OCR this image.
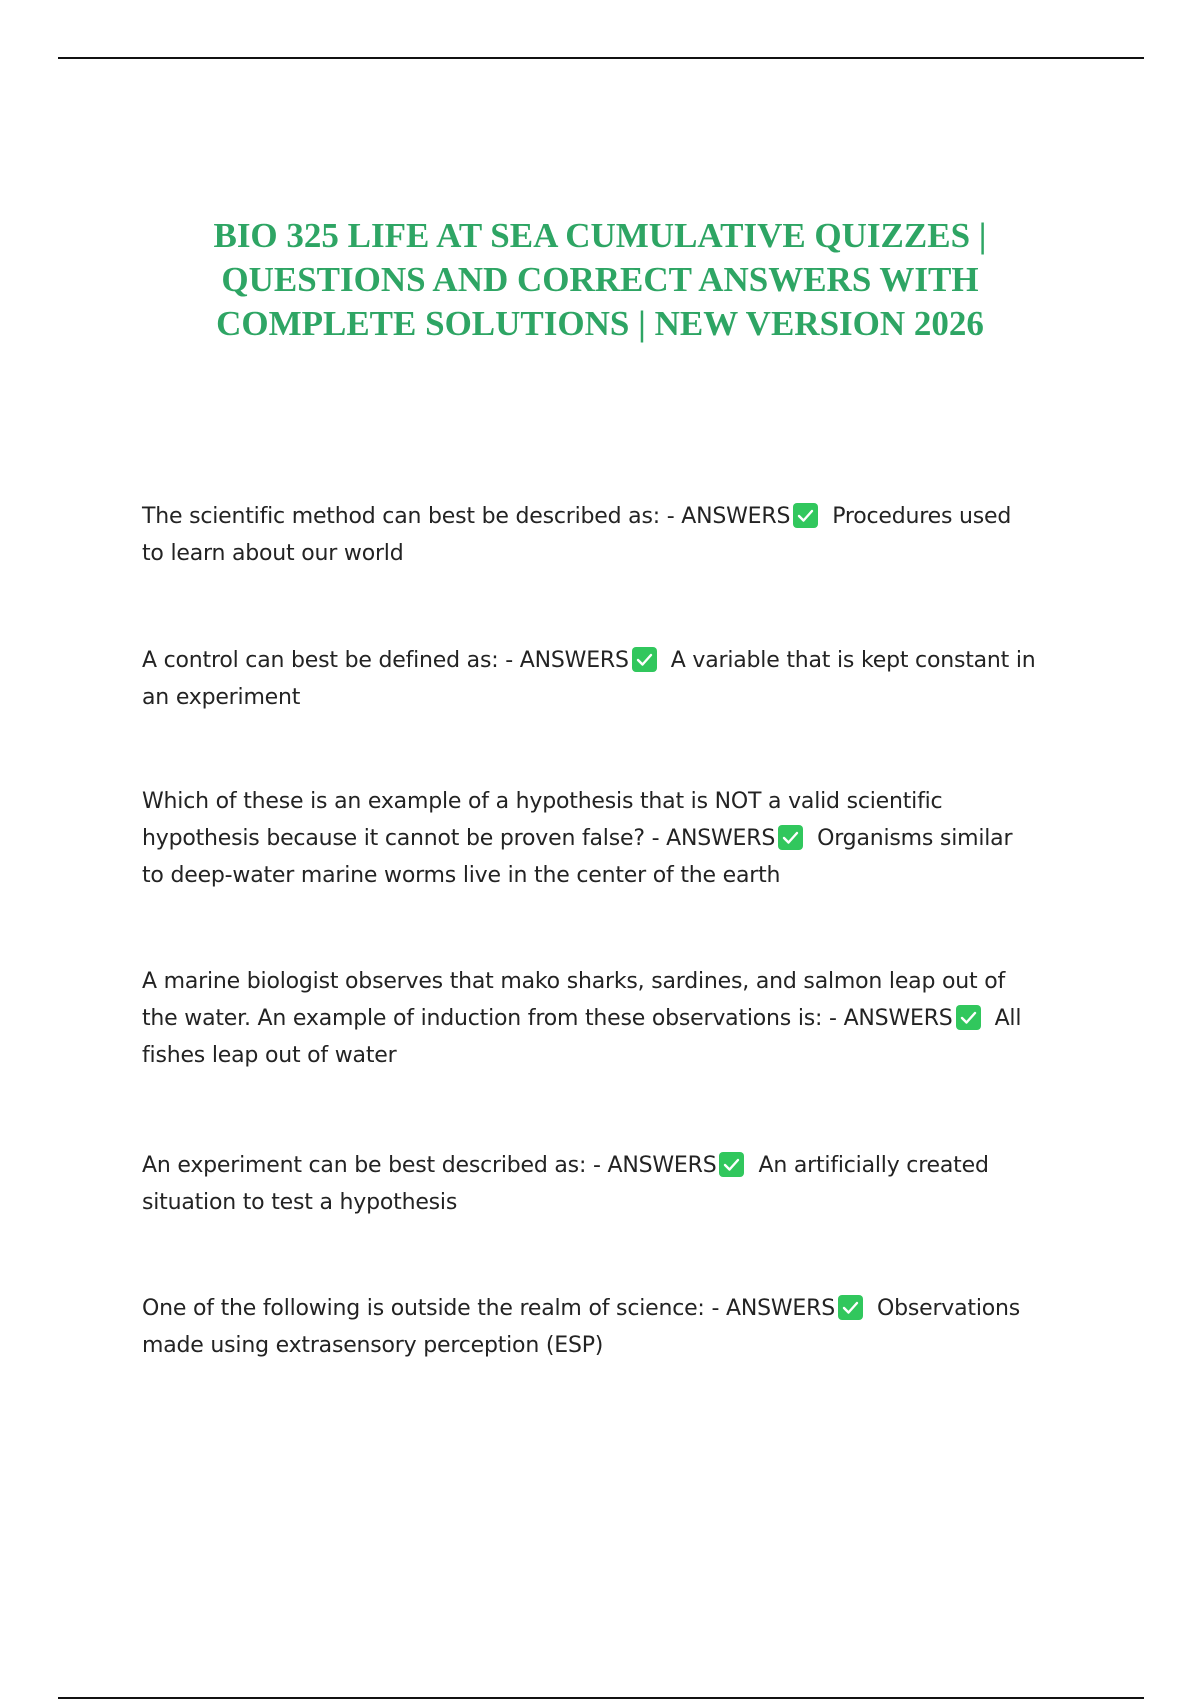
BIO 325 LIFE AT SEA CUMULATIVE QUIZZES |
QUESTIONS AND CORRECT ANSWERS WITH
COMPLETE SOLUTIONS | NEW VERSION 2026

The scientific method can best be described as: - ANSWERS Procedures used
to learn about our world

A control can best be defined as: - ANSWERS A variable that is kept constant in
an experiment

Which of these is an example of a hypothesis that is NOT a valid scientific
hypothesis because it cannot be proven false? - ANSWERS Organisms similar
to deep-water marine worms live in the center of the earth

A marine biologist observes that mako sharks, sardines, and salmon leap out of
the water. An example of induction from these observations is: - ANSWERS All
fishes leap out of water

An experiment can be best described as: - ANSWERS An artificially created
situation to test a hypothesis

One of the following is outside the realm of science: - ANSWERS Observations
made using extrasensory perception (ESP)
